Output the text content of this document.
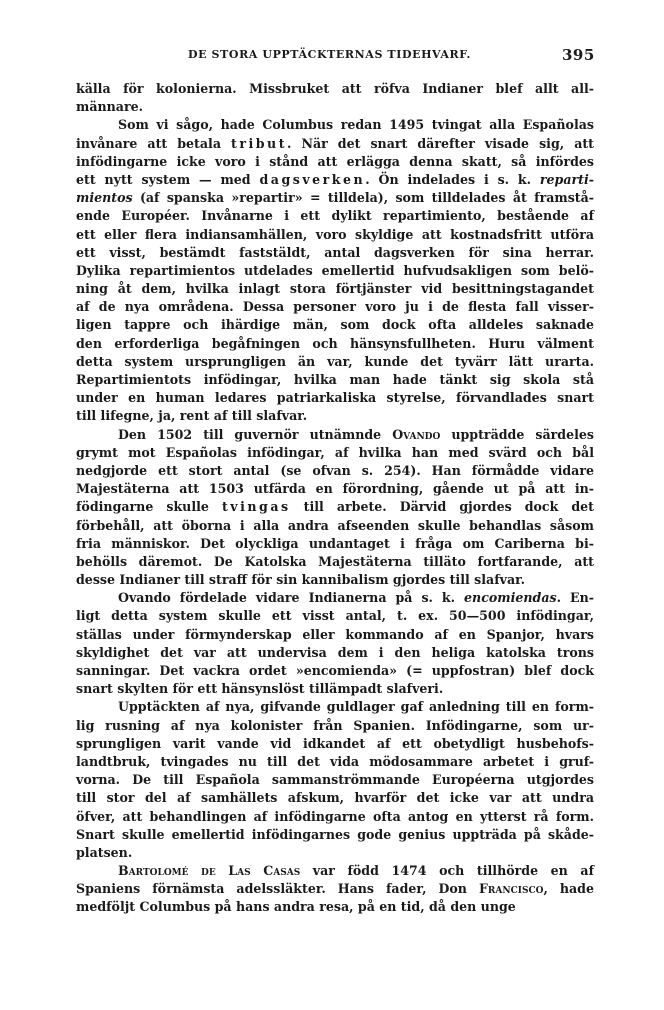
DE STORA UPPTÄCKTERNAS TIDEHVARF.	395
källa för kolonierna. Missbruket att röfva Indianer blef allt all-
männare.
Som vi sågo, hade Columbus redan 1495 tvingat alla Españolas
invånare att betala tribut. När det snart därefter visade sig, att
infödingarne icke voro i stånd att erlägga denna skatt, så infördes
ett nytt system — med dagsverken. Ön indelades i s. k. reparti-
mientos (af spanska »repartir» = tilldela), som tilldelades åt framstå-
ende Européer. Invånarne i ett dylikt repartimiento, bestående af
ett eller flera indiansamhällen, voro skyldige att kostnadsfritt utföra
ett visst, bestämdt faststäldt, antal dagsverken för sina herrar.
Dylika repartimientos utdelades emellertid hufvudsakligen som belö-
ning åt dem, hvilka inlagt stora förtjänster vid besittningstagandet
af de nya områdena. Dessa personer voro ju i de flesta fall visser-
ligen tappre och ihärdige män, som dock ofta alldeles saknade
den erforderliga begåfningen och hänsynsfullheten. Huru välment
detta system ursprungligen än var, kunde det tyvärr lätt urarta.
Repartimientots infödingar, hvilka man hade tänkt sig skola stå
under en human ledares patriarkaliska styrelse, förvandlades snart
till lifegne, ja, rent af till slafvar.
Den 1502 till guvernör utnämnde Ovando uppträdde särdeles
grymt mot Españolas infödingar, af hvilka han med svärd och bål
nedgjorde ett stort antal (se ofvan s. 254). Han förmådde vidare
Majestäterna att 1503 utfärda en förordning, gående ut på att in-
födingarne skulle tvingas till arbete. Därvid gjordes dock det
förbehåll, att öborna i alla andra afseenden skulle behandlas såsom
fria människor. Det olyckliga undantaget i fråga om Cariberna bi-
behölls däremot. De Katolska Majestäterna tilläto fortfarande, att
desse Indianer till straff för sin kannibalism gjordes till slafvar.
Ovando fördelade vidare Indianerna på s. k. encomiendas. En-
ligt detta system skulle ett visst antal, t. ex. 50—500 infödingar,
ställas under förmynderskap eller kommando af en Spanjor, hvars
skyldighet det var att undervisa dem i den heliga katolska trons
sanningar. Det vackra ordet »encomienda» (= uppfostran) blef dock
snart skylten för ett hänsynslöst tillämpadt slafveri.
Upptäckten af nya, gifvande guldlager gaf anledning till en form-
lig rusning af nya kolonister från Spanien. Infödingarne, som ur-
sprungligen varit vande vid idkandet af ett obetydligt husbehofs-
landtbruk, tvingades nu till det vida mödosammare arbetet i gruf-
vorna. De till Española sammanströmmande Européerna utgjordes
till stor del af samhällets afskum, hvarför det icke var att undra
öfver, att behandlingen af infödingarne ofta antog en ytterst rå form.
Snart skulle emellertid infödingarnes gode genius uppträda på skåde-
platsen.
Bartolomé de Las Casas var född 1474 och tillhörde en af
Spaniens förnämsta adelssläkter. Hans fader, Don Francisco, hade
medföljt Columbus på hans andra resa, på en tid, då den unge
